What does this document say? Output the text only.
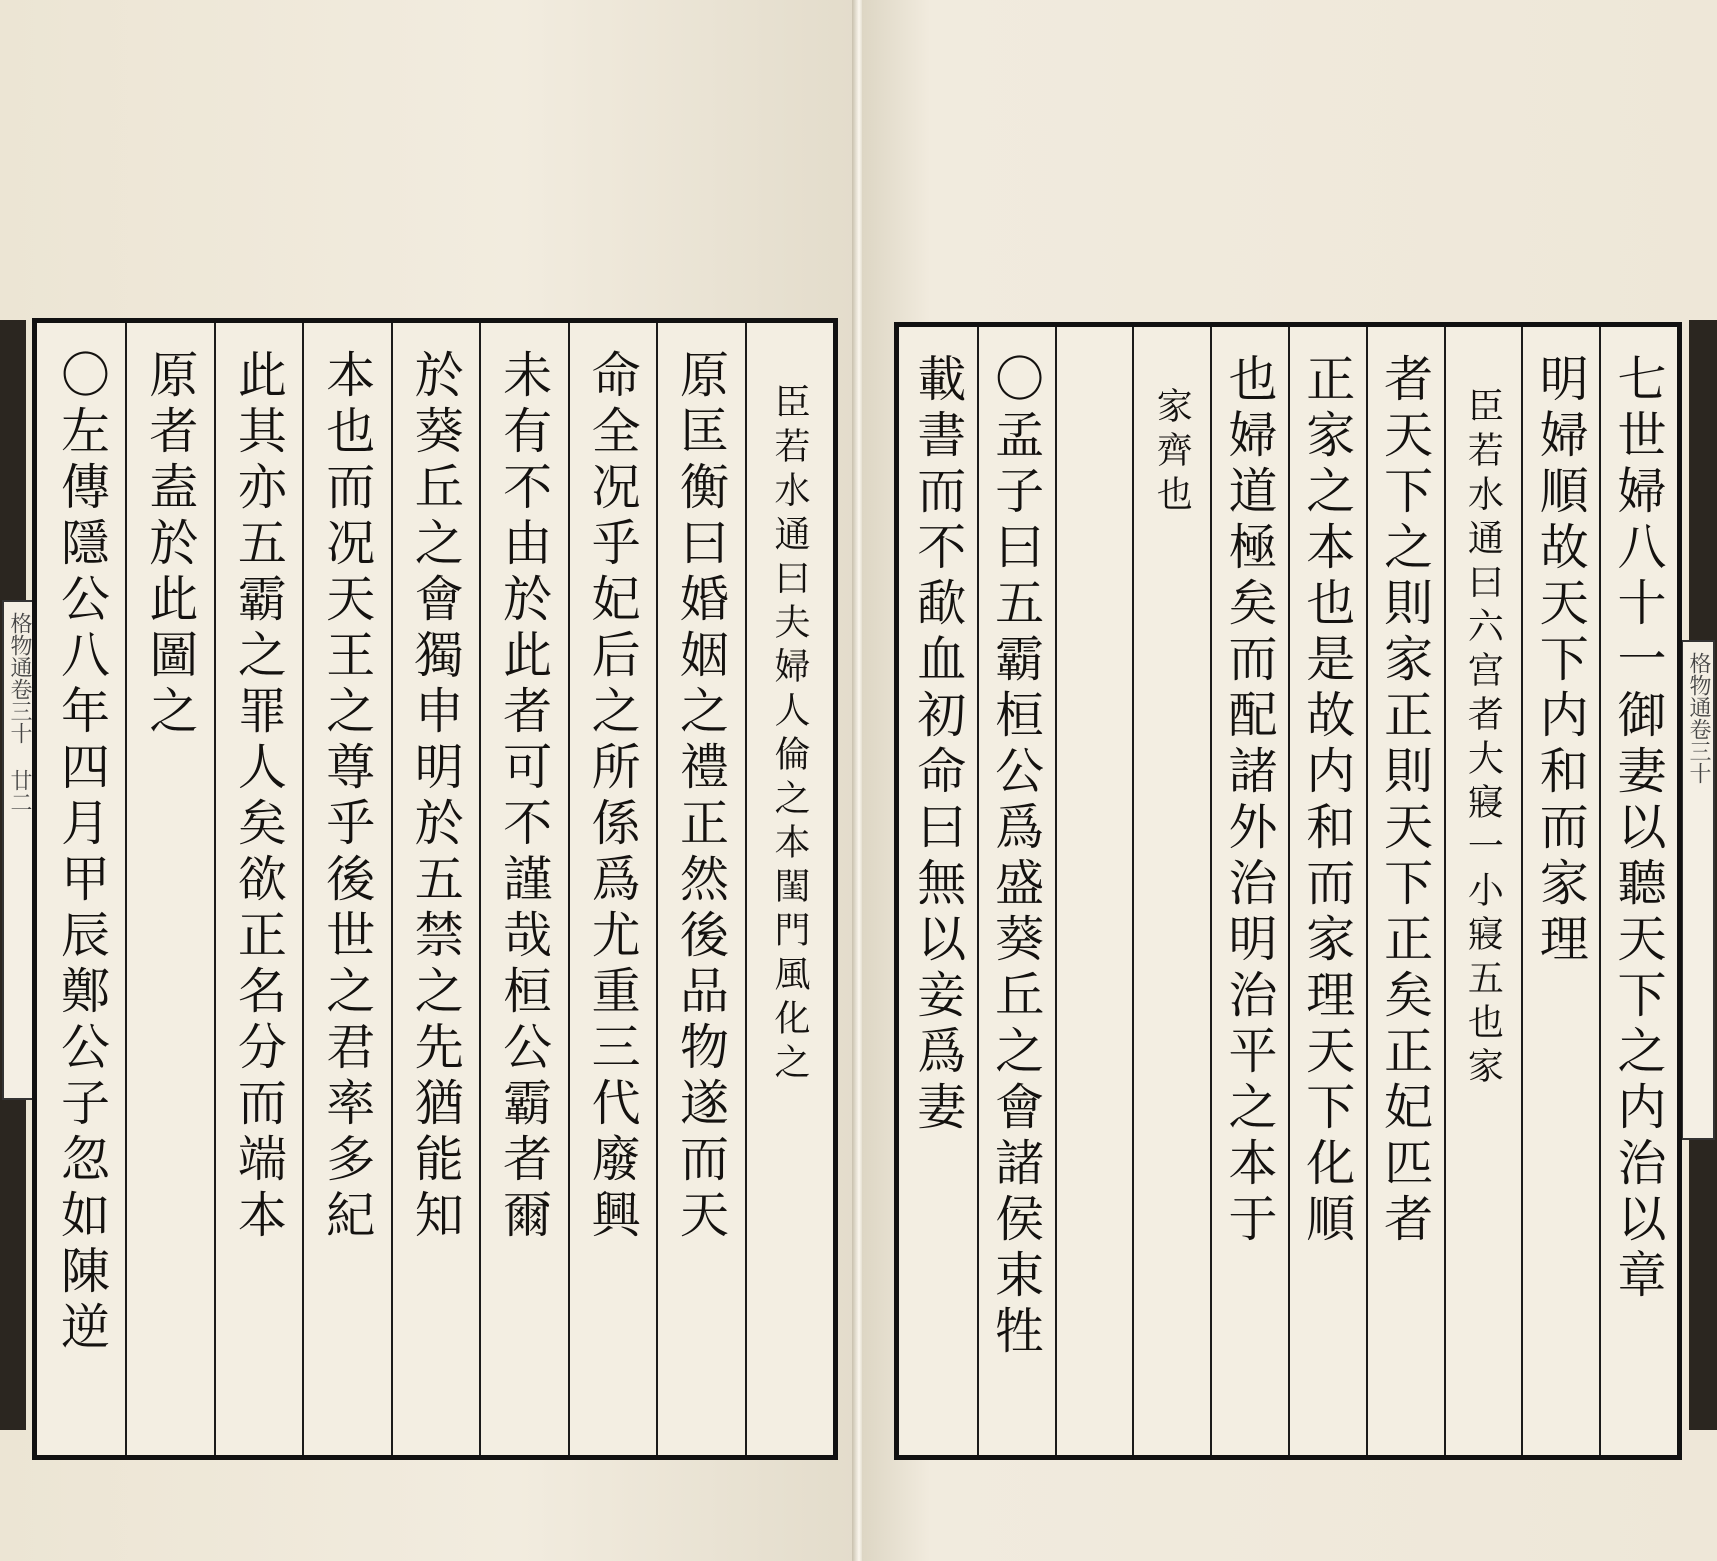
格物通卷三十 廿二 〇左傳隱公八年四月甲辰鄭公子忽如陳逆 原者盍於此圖之 此其亦五霸之罪人矣欲正名分而端本 本也而况天王之尊乎後世之君率多紀 於葵丘之會獨申明於五禁之先猶能知 未有不由於此者可不謹哉桓公霸者爾 命全况乎妃后之所係爲尤重三代廢興 原匡衡曰婚姻之禮正然後品物遂而天	臣若水通曰夫婦人倫之本閨門風化之	格物通卷三十
載書而不歃血初命曰無以妾爲妻 〇孟子曰五霸桓公爲盛葵丘之會諸侯束牲	家齊也 也婦道極矣而配諸外治明治平之本于 正家之本也是故内和而家理天下化順 者天下之則家正則天下正矣正妃匹者 臣若水通曰六宫者大寢一小寢五也家 明婦順故天下内和而家理 七世婦八十一御妻以聽天下之内治以章
